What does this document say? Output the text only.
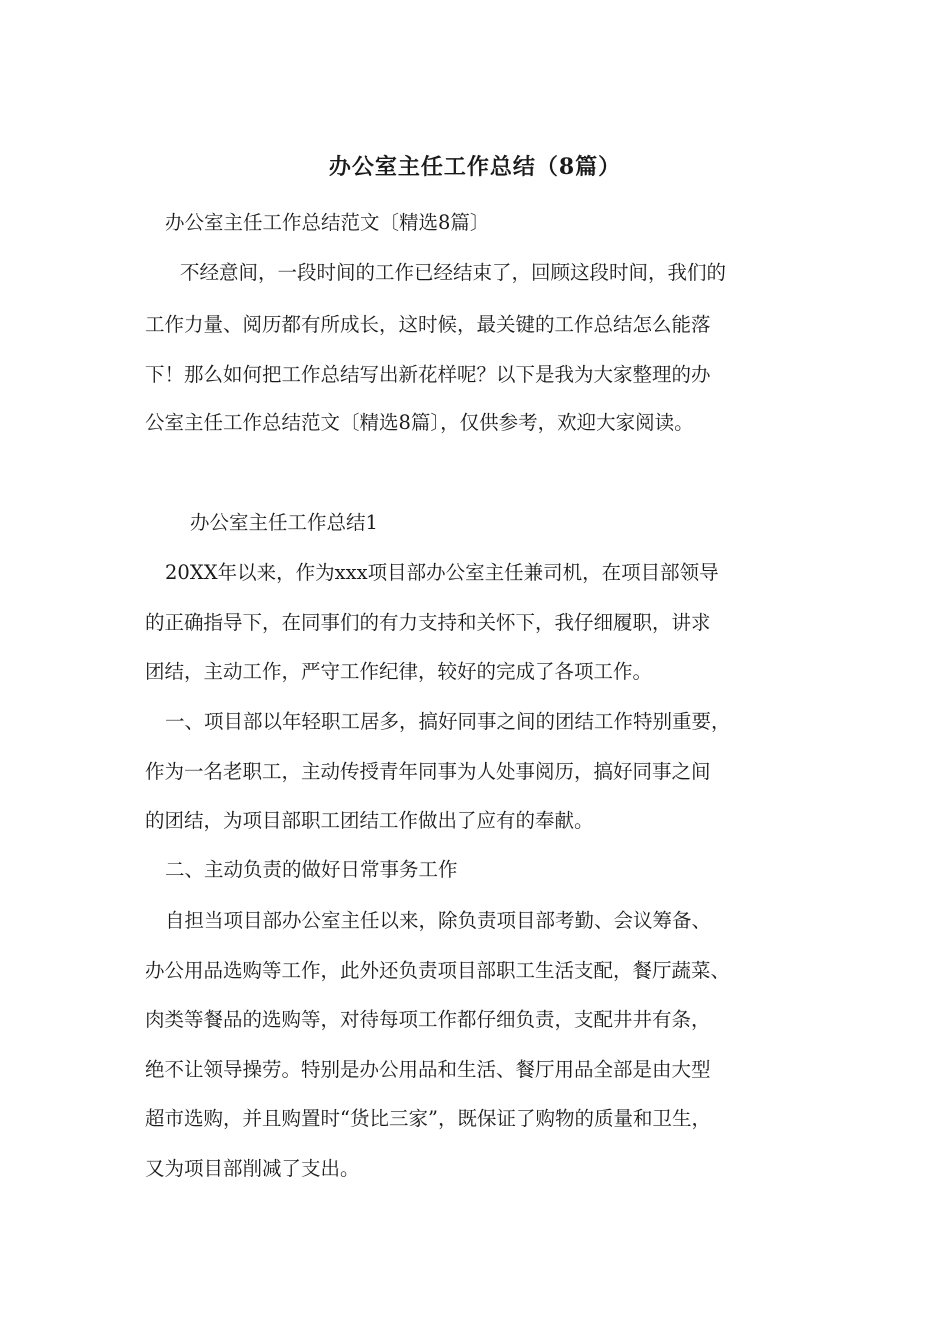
办公室主任工作总结（8篇）
办公室主任工作总结范文〔精选8篇〕
不经意间，一段时间的工作已经结束了，回顾这段时间，我们的
工作力量、阅历都有所成长，这时候，最关键的工作总结怎么能落
下！那么如何把工作总结写出新花样呢？以下是我为大家整理的办
公室主任工作总结范文〔精选8篇〕，仅供参考，欢迎大家阅读。
办公室主任工作总结1
20XX年以来，作为xxx项目部办公室主任兼司机，在项目部领导
的正确指导下，在同事们的有力支持和关怀下，我仔细履职，讲求
团结，主动工作，严守工作纪律，较好的完成了各项工作。
一、项目部以年轻职工居多，搞好同事之间的团结工作特别重要，
作为一名老职工，主动传授青年同事为人处事阅历，搞好同事之间
的团结，为项目部职工团结工作做出了应有的奉献。
二、主动负责的做好日常事务工作
自担当项目部办公室主任以来，除负责项目部考勤、会议筹备、
办公用品选购等工作，此外还负责项目部职工生活支配，餐厅蔬菜、
肉类等餐品的选购等，对待每项工作都仔细负责，支配井井有条，
绝不让领导操劳。特别是办公用品和生活、餐厅用品全部是由大型
超市选购，并且购置时“货比三家”，既保证了购物的质量和卫生，
又为项目部削减了支出。
